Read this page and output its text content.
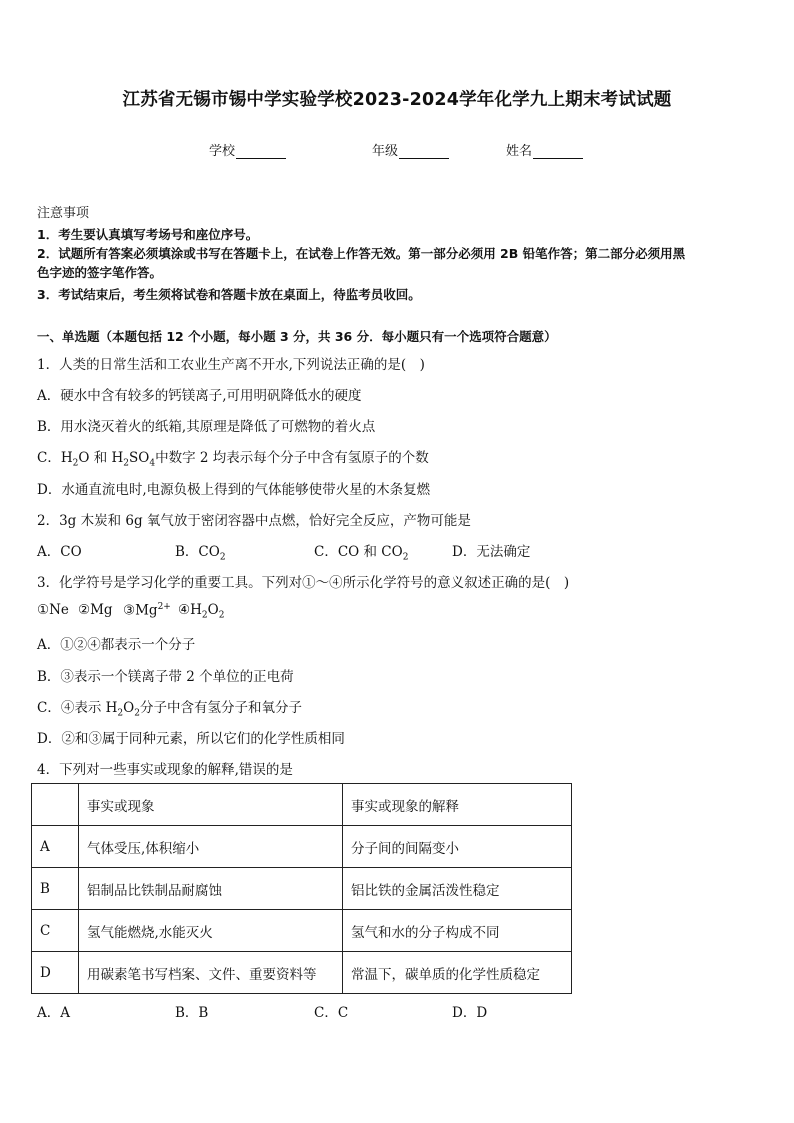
江苏省无锡市锡中学实验学校2023-2024学年化学九上期末考试试题
学校	年级	姓名
注意事项
1．考生要认真填写考场号和座位序号。
2．试题所有答案必须填涂或书写在答题卡上，在试卷上作答无效。第一部分必须用 2B 铅笔作答；第二部分必须用黑
色字迹的签字笔作答。
3．考试结束后，考生须将试卷和答题卡放在桌面上，待监考员收回。
一、单选题（本题包括 12 个小题，每小题 3 分，共 36 分．每小题只有一个选项符合题意）
1．人类的日常生活和工农业生产离不开水,下列说法正确的是(　)
A．硬水中含有较多的钙镁离子,可用明矾降低水的硬度
B．用水浇灭着火的纸箱,其原理是降低了可燃物的着火点
C．$H_2O$ 和 $H_2SO_4$中数字 2 均表示每个分子中含有氢原子的个数
D．水通直流电时,电源负极上得到的气体能够使带火星的木条复燃
2．3g 木炭和 6g 氧气放于密闭容器中点燃，恰好完全反应，产物可能是
A．CO	B．$CO_2$	C．CO 和 $CO_2$	D．无法确定
3．化学符号是学习化学的重要工具。下列对①～④所示化学符号的意义叙述正确的是(　)
①Ne ②Mg $③Mg^{2+}$ $④H_2O_2$
A．①②④都表示一个分子
B．③表示一个镁离子带 2 个单位的正电荷
C．④表示 $H_2O_2$分子中含有氢分子和氧分子
D．②和③属于同种元素，所以它们的化学性质相同
4．下列对一些事实或现象的解释,错误的是
	事实或现象	事实或现象的解释
A	气体受压,体积缩小	分子间的间隔变小
B	铝制品比铁制品耐腐蚀	铝比铁的金属活泼性稳定
C	氢气能燃烧,水能灭火	氢气和水的分子构成不同
D	用碳素笔书写档案、文件、重要资料等	常温下，碳单质的化学性质稳定
A．A	B．B	C．C	D．D
